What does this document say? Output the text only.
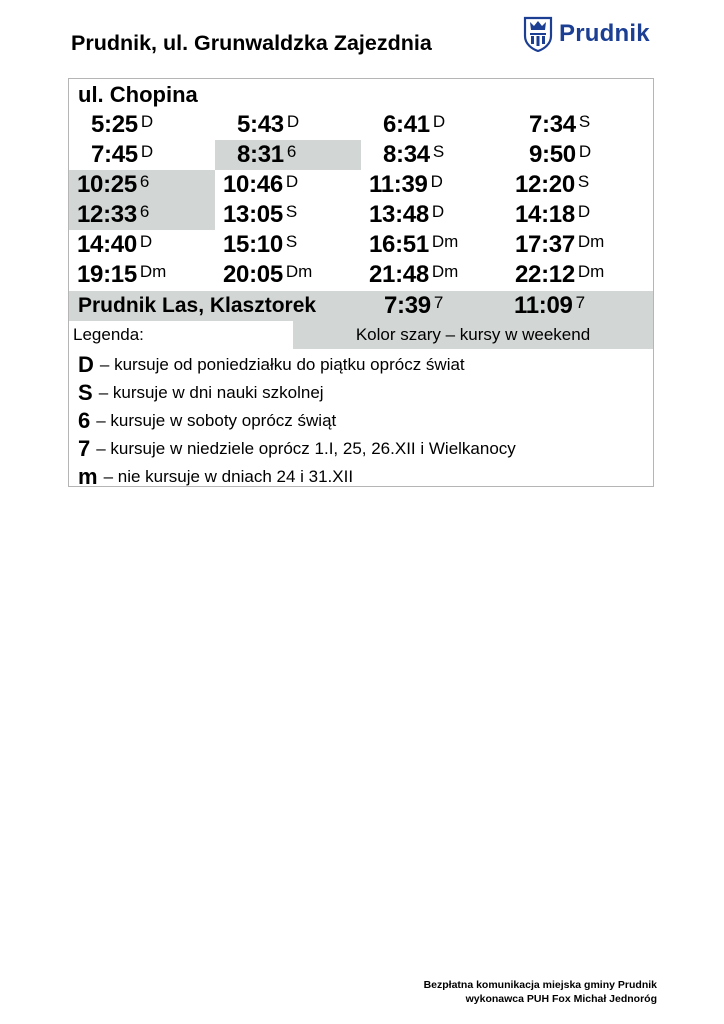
Prudnik, ul. Grunwaldzka Zajezdnia	Prudnik
ul. Chopina
5:25 D	5:43 D	6:41 D	7:34 S
7:45 D	8:31 6	8:34 S	9:50 D
10:25 6	10:46 D	11:39 D	12:20 S
12:33 6	13:05 S	13:48 D	14:18 D
14:40 D	15:10 S	16:51 Dm 17:37 Dm
19:15 Dm 20:05 Dm 21:48 Dm 22:12 Dm
Prudnik Las, Klasztorek	7:39 7	11:09 7
Legenda:	Kolor szary – kursy w weekend
D – kursuje od poniedziałku do piątku oprócz świat
S – kursuje w dni nauki szkolnej
6 – kursuje w soboty oprócz świąt
7 – kursuje w niedziele oprócz 1.I, 25, 26.XII i Wielkanocy
m – nie kursuje w dniach 24 i 31.XII
Bezpłatna komunikacja miejska gminy Prudnik
wykonawca PUH Fox Michał Jednoróg
